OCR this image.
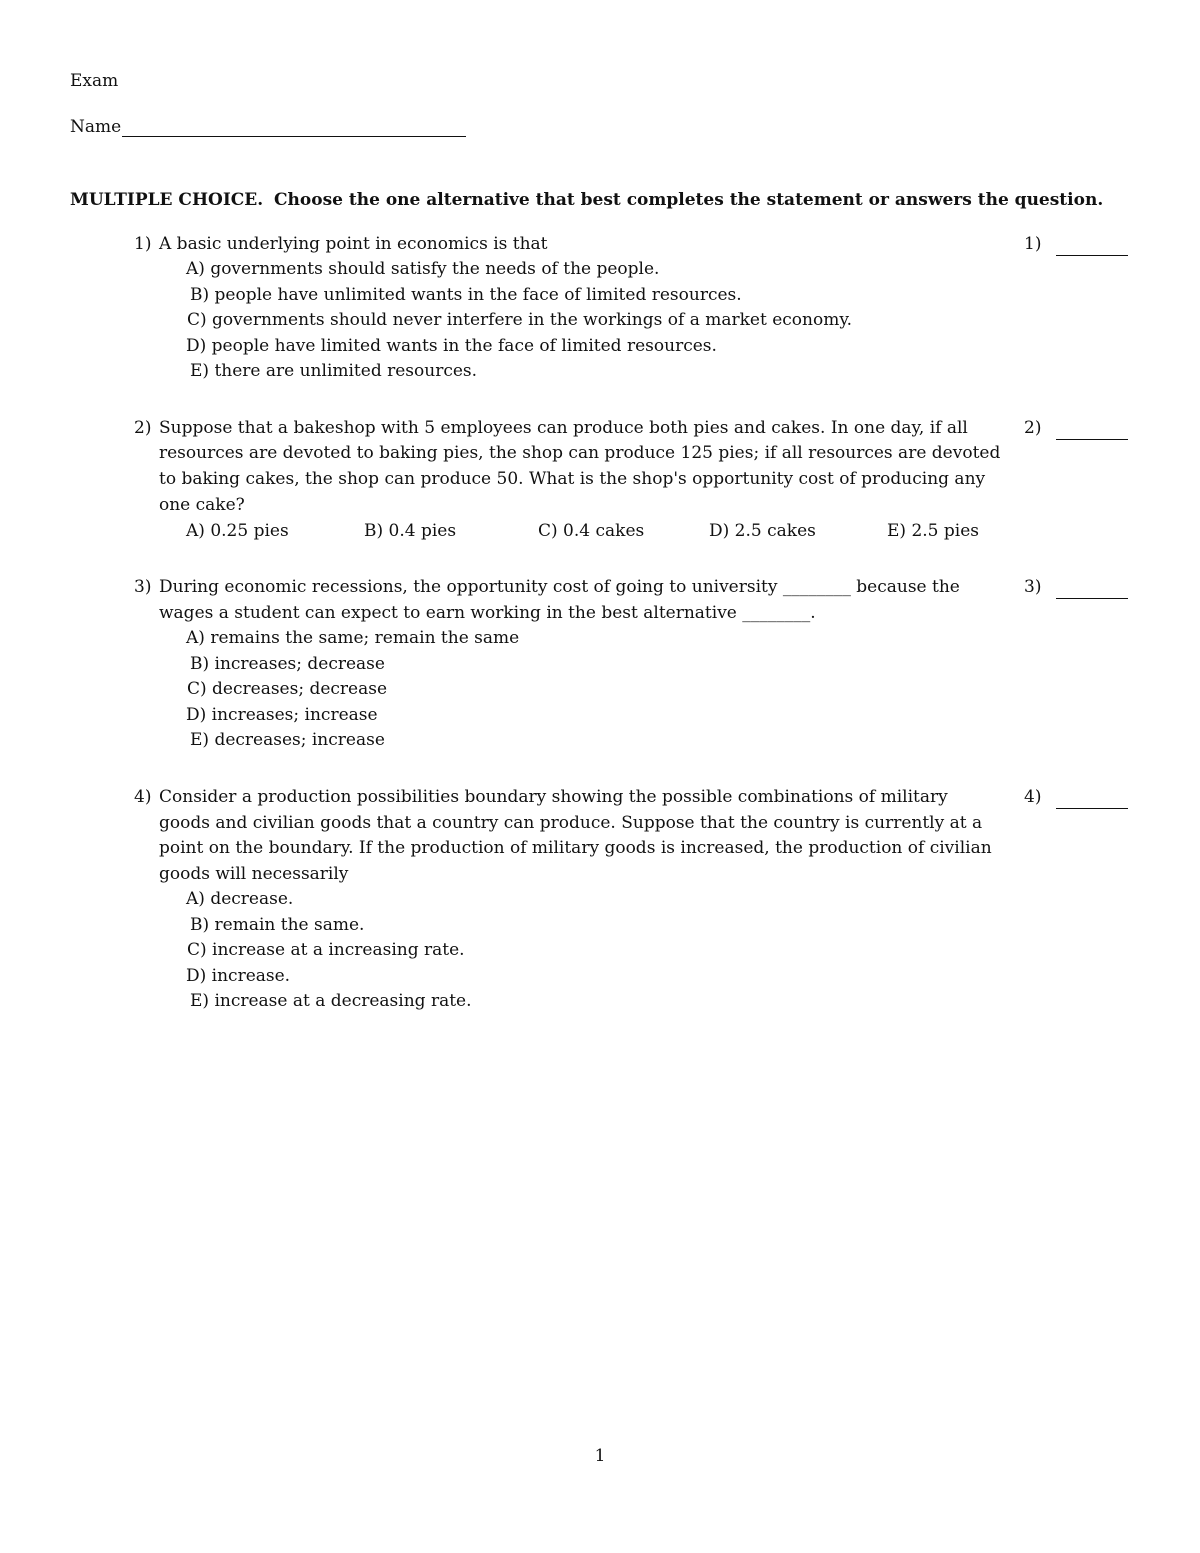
Exam
Name
MULTIPLE CHOICE. Choose the one alternative that best completes the statement or answers the question.
1) A basic underlying point in economics is that
A) governments should satisfy the needs of the people.
B) people have unlimited wants in the face of limited resources.
C) governments should never interfere in the workings of a market economy.
D) people have limited wants in the face of limited resources.
E) there are unlimited resources.
1)
2) Suppose that a bakeshop with 5 employees can produce both pies and cakes. In one day, if all
resources are devoted to baking pies, the shop can produce 125 pies; if all resources are devoted
to baking cakes, the shop can produce 50. What is the shop's opportunity cost of producing any
one cake?
A) 0.25 pies	B) 0.4 pies	C) 0.4 cakes	D) 2.5 cakes	E) 2.5 pies
2)
3) During economic recessions, the opportunity cost of going to university ________ because the
wages a student can expect to earn working in the best alternative ________.
A) remains the same; remain the same
B) increases; decrease
C) decreases; decrease
D) increases; increase
E) decreases; increase
3)
4) Consider a production possibilities boundary showing the possible combinations of military
goods and civilian goods that a country can produce. Suppose that the country is currently at a
point on the boundary. If the production of military goods is increased, the production of civilian
goods will necessarily
A) decrease.
B) remain the same.
C) increase at a increasing rate.
D) increase.
E) increase at a decreasing rate.
4)
1
